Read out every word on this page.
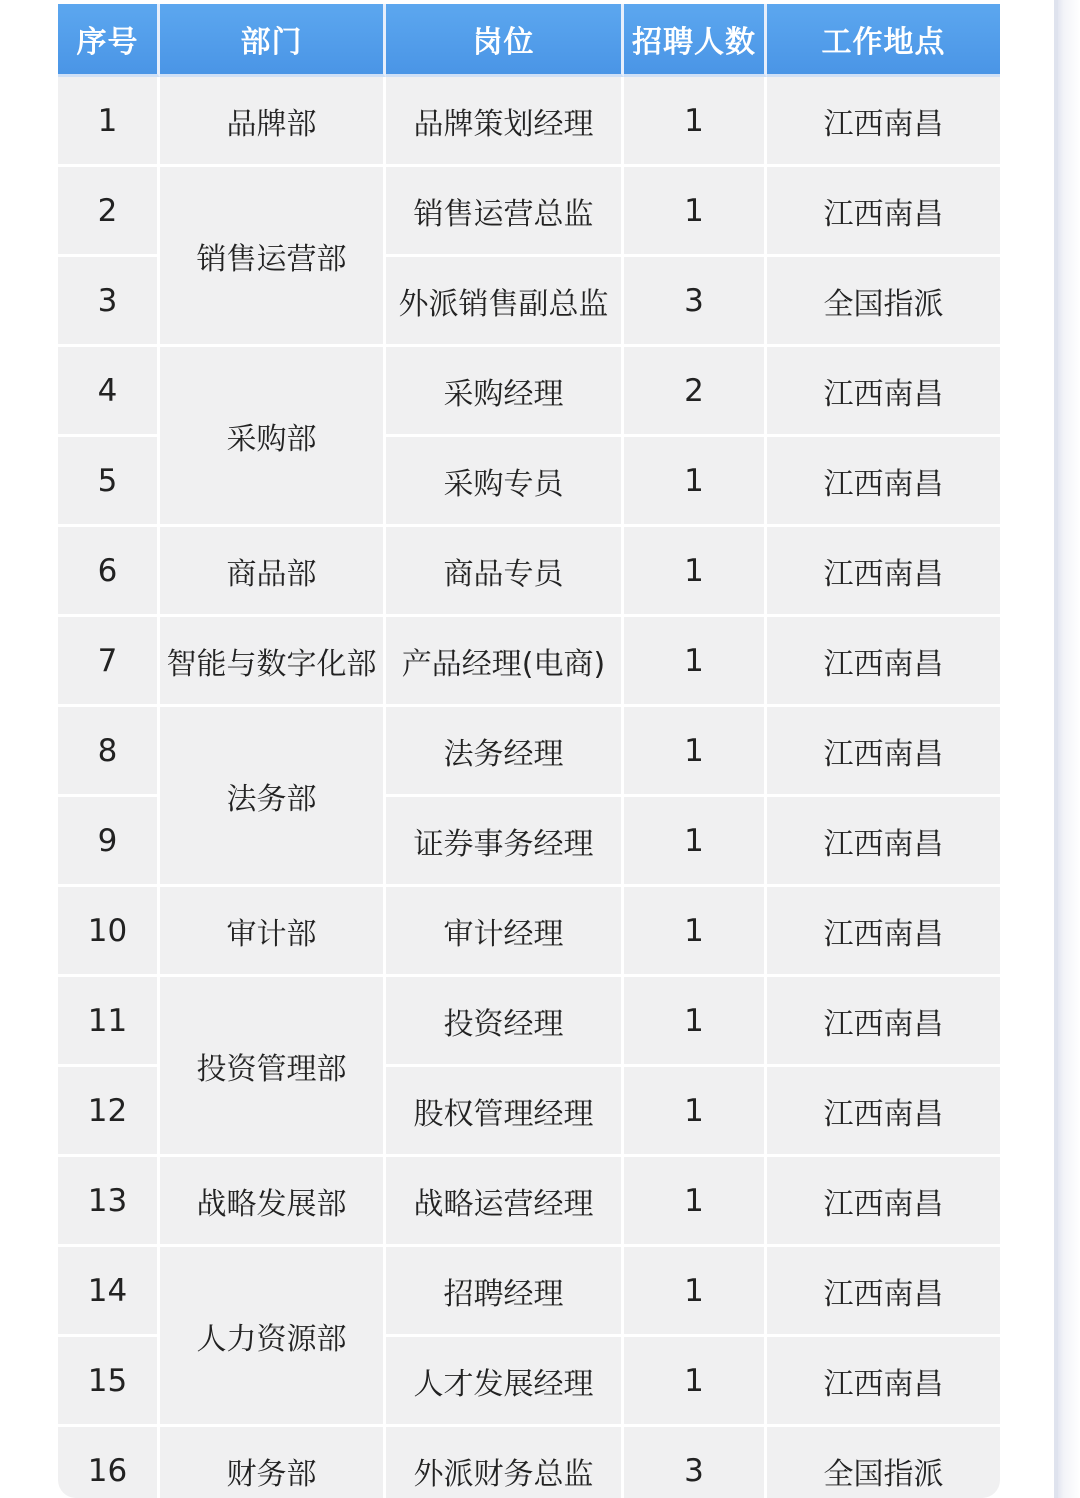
序号	部门	岗位	招聘人数	工作地点
1	品牌部	品牌策划经理	1	江西南昌
2	销售运营部	销售运营总监	1	江西南昌
3		外派销售副总监	3	全国指派
4	采购部	采购经理	2	江西南昌
5		采购专员	1	江西南昌
6	商品部	商品专员	1	江西南昌
7	智能与数字化部	产品经理(电商)	1	江西南昌
8	法务部	法务经理	1	江西南昌
9		证券事务经理	1	江西南昌
10	审计部	审计经理	1	江西南昌
11	投资管理部	投资经理	1	江西南昌
12		股权管理经理	1	江西南昌
13	战略发展部	战略运营经理	1	江西南昌
14	人力资源部	招聘经理	1	江西南昌
15		人才发展经理	1	江西南昌
16	财务部	外派财务总监	3	全国指派
